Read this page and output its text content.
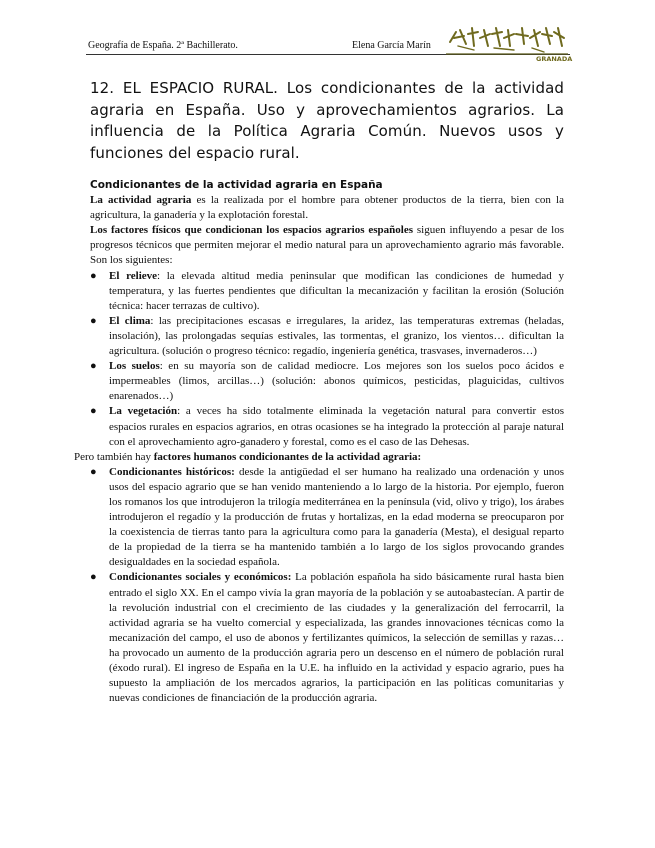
Geografía de España. 2ª Bachillerato.	Elena García Marín
GRANADA
12. EL ESPACIO RURAL. Los condicionantes de la actividad agraria en España. Uso y aprovechamientos agrarios. La influencia de la Política Agraria Común. Nuevos usos y funciones del espacio rural.

Condicionantes de la actividad agraria en España

La actividad agraria es la realizada por el hombre para obtener productos de la tierra, bien con la agricultura, la ganadería y la explotación forestal.

Los factores físicos que condicionan los espacios agrarios españoles siguen influyendo a pesar de los progresos técnicos que permiten mejorar el medio natural para un aprovechamiento agrario más favorable. Son los siguientes:

● El relieve: la elevada altitud media peninsular que modifican las condiciones de humedad y temperatura, y las fuertes pendientes que dificultan la mecanización y facilitan la erosión (Solución técnica: hacer terrazas de cultivo).
● El clima: las precipitaciones escasas e irregulares, la aridez, las temperaturas extremas (heladas, insolación), las prolongadas sequías estivales, las tormentas, el granizo, los vientos… dificultan la agricultura. (solución o progreso técnico: regadío, ingeniería genética, trasvases, invernaderos…)
● Los suelos: en su mayoría son de calidad mediocre. Los mejores son los suelos poco ácidos e impermeables (limos, arcillas…) (solución: abonos químicos, pesticidas, plaguicidas, cultivos enarenados…)
● La vegetación: a veces ha sido totalmente eliminada la vegetación natural para convertir estos espacios rurales en espacios agrarios, en otras ocasiones se ha integrado la protección al paraje natural con el aprovechamiento agro-ganadero y forestal, como es el caso de las Dehesas.

Pero también hay factores humanos condicionantes de la actividad agraria:

● Condicionantes históricos: desde la antigüedad el ser humano ha realizado una ordenación y unos usos del espacio agrario que se han venido manteniendo a lo largo de la historia. Por ejemplo, fueron los romanos los que introdujeron la trilogía mediterránea en la península (vid, olivo y trigo), los árabes introdujeron el regadío y la producción de frutas y hortalizas, en la edad moderna se preocuparon por la coexistencia de tierras tanto para la agricultura como para la ganadería (Mesta), el desigual reparto de la propiedad de la tierra se ha mantenido también a lo largo de los siglos provocando grandes desigualdades en la sociedad española.
● Condicionantes sociales y económicos: La población española ha sido básicamente rural hasta bien entrado el siglo XX. En el campo vivía la gran mayoría de la población y se autoabastecían. A partir de la revolución industrial con el crecimiento de las ciudades y la generalización del ferrocarril, la actividad agraria se ha vuelto comercial y especializada, las grandes innovaciones técnicas como la mecanización del campo, el uso de abonos y fertilizantes químicos, la selección de semillas y razas… ha provocado un aumento de la producción agraria pero un descenso en el número de población rural (éxodo rural). El ingreso de España en la U.E. ha influido en la actividad y espacio agrario, pues ha supuesto la ampliación de los mercados agrarios, la participación en las políticas comunitarias y nuevas condiciones de financiación de la producción agraria.
